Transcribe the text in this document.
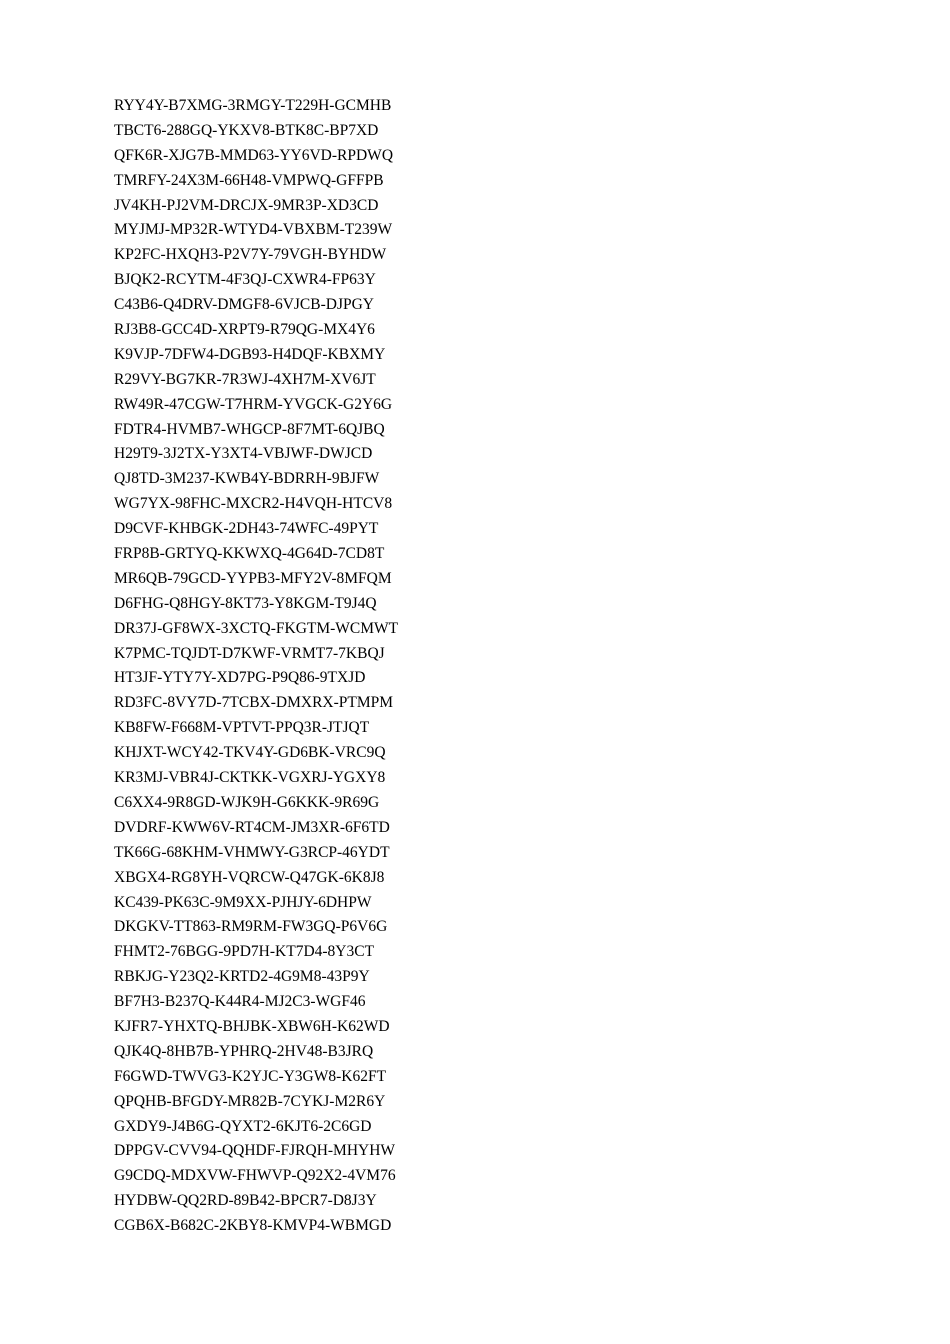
RYY4Y-B7XMG-3RMGY-T229H-GCMHB
TBCT6-288GQ-YKXV8-BTK8C-BP7XD
QFK6R-XJG7B-MMD63-YY6VD-RPDWQ
TMRFY-24X3M-66H48-VMPWQ-GFFPB
JV4KH-PJ2VM-DRCJX-9MR3P-XD3CD
MYJMJ-MP32R-WTYD4-VBXBM-T239W
KP2FC-HXQH3-P2V7Y-79VGH-BYHDW
BJQK2-RCYTM-4F3QJ-CXWR4-FP63Y
C43B6-Q4DRV-DMGF8-6VJCB-DJPGY
RJ3B8-GCC4D-XRPT9-R79QG-MX4Y6
K9VJP-7DFW4-DGB93-H4DQF-KBXMY
R29VY-BG7KR-7R3WJ-4XH7M-XV6JT
RW49R-47CGW-T7HRM-YVGCK-G2Y6G
FDTR4-HVMB7-WHGCP-8F7MT-6QJBQ
H29T9-3J2TX-Y3XT4-VBJWF-DWJCD
QJ8TD-3M237-KWB4Y-BDRRH-9BJFW
WG7YX-98FHC-MXCR2-H4VQH-HTCV8
D9CVF-KHBGK-2DH43-74WFC-49PYT
FRP8B-GRTYQ-KKWXQ-4G64D-7CD8T
MR6QB-79GCD-YYPB3-MFY2V-8MFQM
D6FHG-Q8HGY-8KT73-Y8KGM-T9J4Q
DR37J-GF8WX-3XCTQ-FKGTM-WCMWT
K7PMC-TQJDT-D7KWF-VRMT7-7KBQJ
HT3JF-YTY7Y-XD7PG-P9Q86-9TXJD
RD3FC-8VY7D-7TCBX-DMXRX-PTMPM
KB8FW-F668M-VPTVT-PPQ3R-JTJQT
KHJXT-WCY42-TKV4Y-GD6BK-VRC9Q
KR3MJ-VBR4J-CKTKK-VGXRJ-YGXY8
C6XX4-9R8GD-WJK9H-G6KKK-9R69G
DVDRF-KWW6V-RT4CM-JM3XR-6F6TD
TK66G-68KHM-VHMWY-G3RCP-46YDT
XBGX4-RG8YH-VQRCW-Q47GK-6K8J8
KC439-PK63C-9M9XX-PJHJY-6DHPW
DKGKV-TT863-RM9RM-FW3GQ-P6V6G
FHMT2-76BGG-9PD7H-KT7D4-8Y3CT
RBKJG-Y23Q2-KRTD2-4G9M8-43P9Y
BF7H3-B237Q-K44R4-MJ2C3-WGF46
KJFR7-YHXTQ-BHJBK-XBW6H-K62WD
QJK4Q-8HB7B-YPHRQ-2HV48-B3JRQ
F6GWD-TWVG3-K2YJC-Y3GW8-K62FT
QPQHB-BFGDY-MR82B-7CYKJ-M2R6Y
GXDY9-J4B6G-QYXT2-6KJT6-2C6GD
DPPGV-CVV94-QQHDF-FJRQH-MHYHW
G9CDQ-MDXVW-FHWVP-Q92X2-4VM76
HYDBW-QQ2RD-89B42-BPCR7-D8J3Y
CGB6X-B682C-2KBY8-KMVP4-WBMGD
